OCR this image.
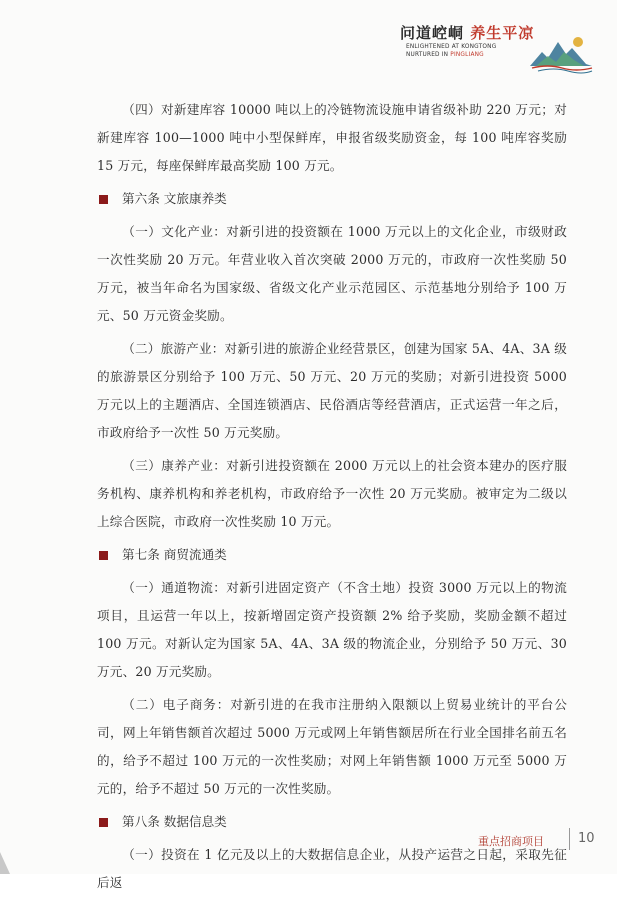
问道崆峒 养生平凉
ENLIGHTENED AT KONGTONG
NURTURED IN PINGLIANG

（四）对新建库容 10000 吨以上的冷链物流设施申请省级补助 220 万元；对新建库容 100—1000 吨中小型保鲜库，申报省级奖励资金，每 100 吨库容奖励 15 万元，每座保鲜库最高奖励 100 万元。

第六条 文旅康养类

（一）文化产业：对新引进的投资额在 1000 万元以上的文化企业，市级财政一次性奖励 20 万元。年营业收入首次突破 2000 万元的，市政府一次性奖励 50 万元，被当年命名为国家级、省级文化产业示范园区、示范基地分别给予 100 万元、50 万元资金奖励。

（二）旅游产业：对新引进的旅游企业经营景区，创建为国家 5A、4A、3A 级的旅游景区分别给予 100 万元、50 万元、20 万元的奖励；对新引进投资 5000 万元以上的主题酒店、全国连锁酒店、民俗酒店等经营酒店，正式运营一年之后，市政府给予一次性 50 万元奖励。

（三）康养产业：对新引进投资额在 2000 万元以上的社会资本建办的医疗服务机构、康养机构和养老机构，市政府给予一次性 20 万元奖励。被审定为二级以上综合医院，市政府一次性奖励 10 万元。

第七条 商贸流通类

（一）通道物流：对新引进固定资产（不含土地）投资 3000 万元以上的物流项目，且运营一年以上，按新增固定资产投资额 2% 给予奖励，奖励金额不超过 100 万元。对新认定为国家 5A、4A、3A 级的物流企业，分别给予 50 万元、30 万元、20 万元奖励。

（二）电子商务：对新引进的在我市注册纳入限额以上贸易业统计的平台公司，网上年销售额首次超过 5000 万元或网上年销售额居所在行业全国排名前五名的，给予不超过 100 万元的一次性奖励；对网上年销售额 1000 万元至 5000 万元的，给予不超过 50 万元的一次性奖励。

第八条 数据信息类

（一）投资在 1 亿元及以上的大数据信息企业，从投产运营之日起，采取先征后返

重点招商项目	10
